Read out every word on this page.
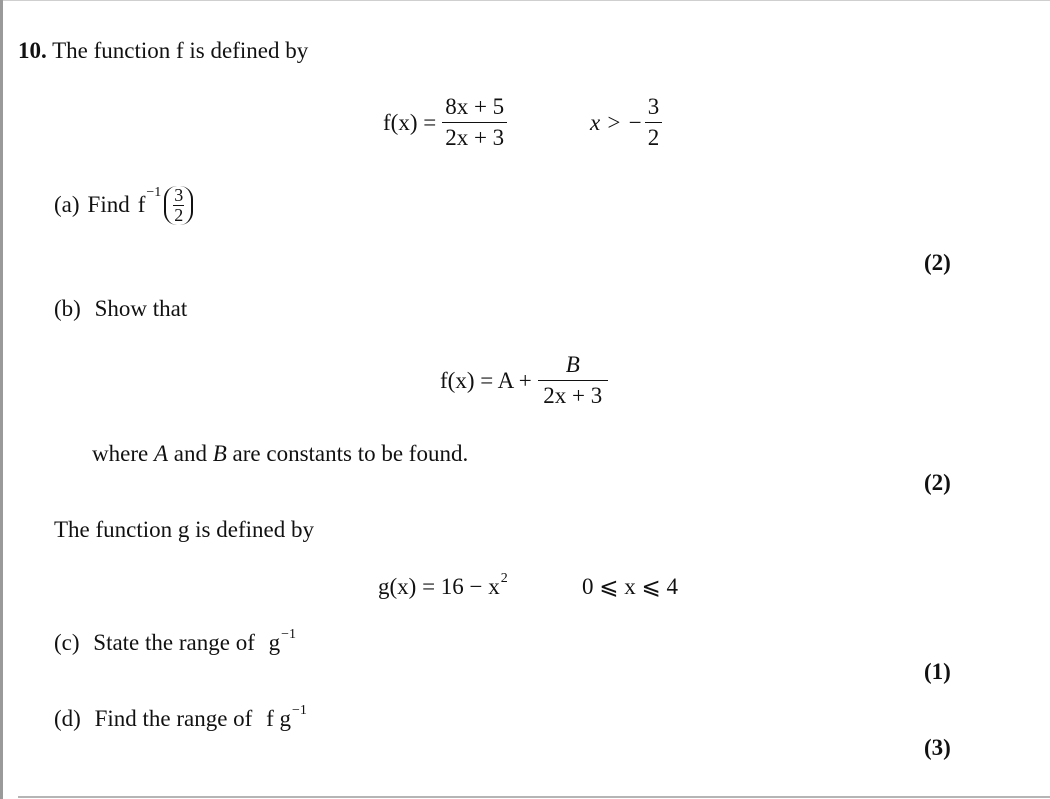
10. The function f is defined by
$f(x) = \frac{8x + 5}{2x + 3}$	x > − $\frac{3}{2}$
(a) Find $f -1 \frac{3}{2}$
(2)
(b) Show that
$f(x) = A + \frac{B}{2x + 3}$
where A and B are constants to be found.
(2)
The function g is defined by
$g(x) = 16 - x^2$	0 ⩽ x ⩽ 4
(c) State the range of $g^{-1}$
(1)
(d) Find the range of f $g^{-1}$
(3)
